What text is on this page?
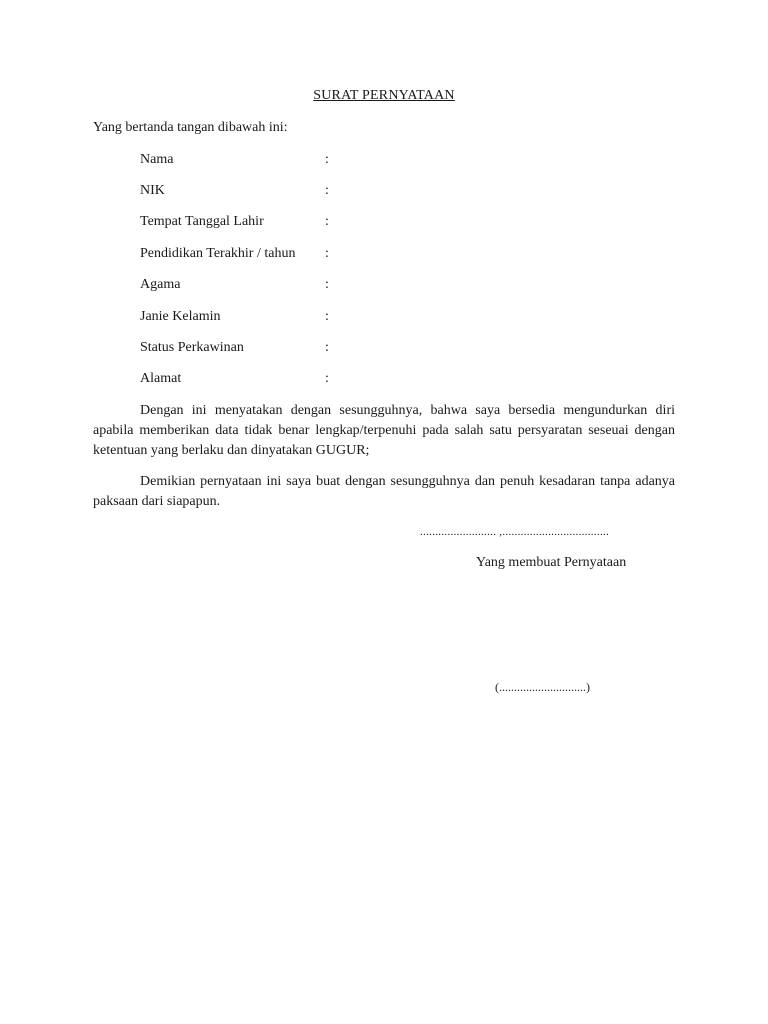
SURAT PERNYATAAN
Yang bertanda tangan dibawah ini:
Nama	:
NIK	:
Tempat Tanggal Lahir	:
Pendidikan Terakhir / tahun :
Agama	:
Janie Kelamin	:
Status Perkawinan	:
Alamat	:

Dengan ini menyatakan dengan sesungguhnya, bahwa saya bersedia mengundurkan diri apabila memberikan data tidak benar lengkap/terpenuhi pada salah satu persyaratan seseuai dengan ketentuan yang berlaku dan dinyatakan GUGUR;

Demikian pernyataan ini saya buat dengan sesungguhnya dan penuh kesadaran tanpa adanya paksaan dari siapapun.

......................... ,...................................
Yang membuat Pernyataan
(.............................)
